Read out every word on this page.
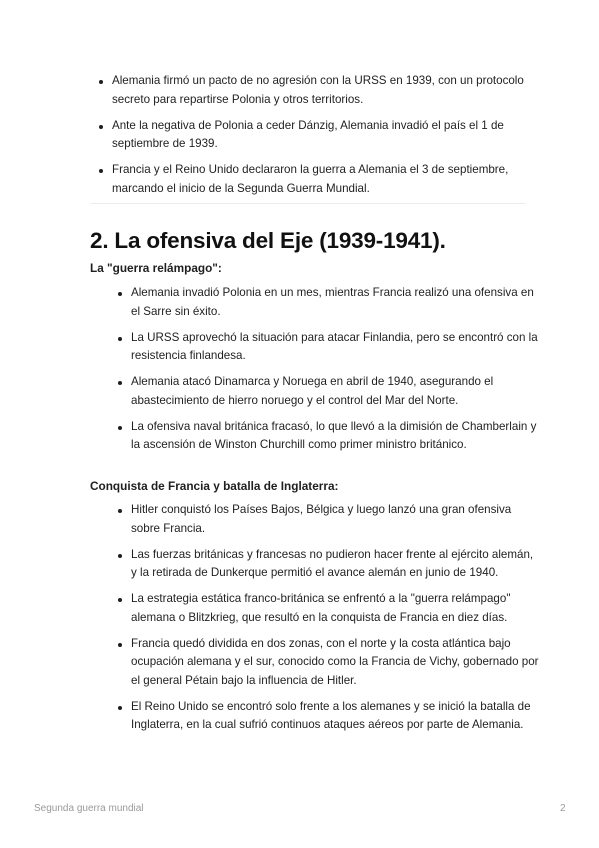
Alemania firmó un pacto de no agresión con la URSS en 1939, con un protocolo secreto para repartirse Polonia y otros territorios.
Ante la negativa de Polonia a ceder Dánzig, Alemania invadió el país el 1 de septiembre de 1939.
Francia y el Reino Unido declararon la guerra a Alemania el 3 de septiembre, marcando el inicio de la Segunda Guerra Mundial.
2. La ofensiva del Eje (1939-1941).

La "guerra relámpago":

Alemania invadió Polonia en un mes, mientras Francia realizó una ofensiva en el Sarre sin éxito.
La URSS aprovechó la situación para atacar Finlandia, pero se encontró con la resistencia finlandesa.
Alemania atacó Dinamarca y Noruega en abril de 1940, asegurando el abastecimiento de hierro noruego y el control del Mar del Norte.
La ofensiva naval británica fracasó, lo que llevó a la dimisión de Chamberlain y la ascensión de Winston Churchill como primer ministro británico.

Conquista de Francia y batalla de Inglaterra:

Hitler conquistó los Países Bajos, Bélgica y luego lanzó una gran ofensiva sobre Francia.
Las fuerzas británicas y francesas no pudieron hacer frente al ejército alemán, y la retirada de Dunkerque permitió el avance alemán en junio de 1940.
La estrategia estática franco-británica se enfrentó a la "guerra relámpago" alemana o Blitzkrieg, que resultó en la conquista de Francia en diez días.
Francia quedó dividida en dos zonas, con el norte y la costa atlántica bajo ocupación alemana y el sur, conocido como la Francia de Vichy, gobernado por el general Pétain bajo la influencia de Hitler.
El Reino Unido se encontró solo frente a los alemanes y se inició la batalla de Inglaterra, en la cual sufrió continuos ataques aéreos por parte de Alemania.
Segunda guerra mundial	2
